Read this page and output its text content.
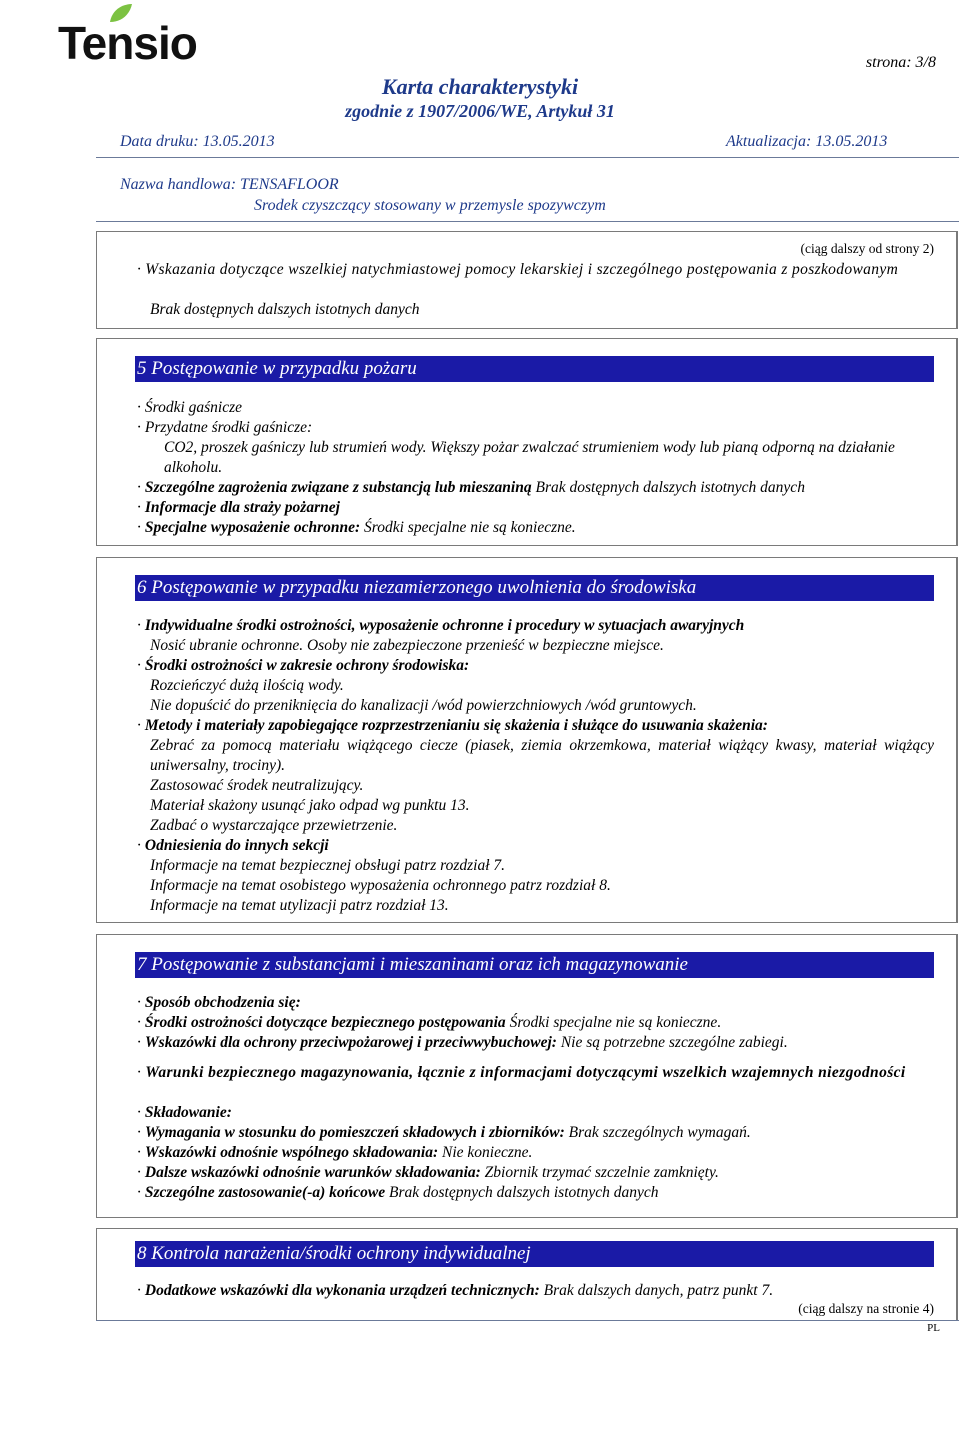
Tensio	strona: 3/8
Karta charakterystyki
zgodnie z 1907/2006/WE, Artykuł 31
Data druku: 13.05.2013	Aktualizacja: 13.05.2013
Nazwa handlowa: TENSAFLOOR
Srodek czyszczący stosowany w przemysle spozywczym
(ciąg dalszy od strony 2)
· Wskazania dotyczące wszelkiej natychmiastowej pomocy lekarskiej i szczególnego postępowania z poszkodowanym
Brak dostępnych dalszych istotnych danych
5 Postępowanie w przypadku pożaru
· Środki gaśnicze
· Przydatne środki gaśnicze:
CO2, proszek gaśniczy lub strumień wody. Większy pożar zwalczać strumieniem wody lub pianą odporną na działanie alkoholu.
· Szczególne zagrożenia związane z substancją lub mieszaniną Brak dostępnych dalszych istotnych danych
· Informacje dla straży pożarnej
· Specjalne wyposażenie ochronne: Środki specjalne nie są konieczne.
6 Postępowanie w przypadku niezamierzonego uwolnienia do środowiska
· Indywidualne środki ostrożności, wyposażenie ochronne i procedury w sytuacjach awaryjnych
Nosić ubranie ochronne. Osoby nie zabezpieczone przenieść w bezpieczne miejsce.
· Środki ostrożności w zakresie ochrony środowiska:
Rozcieńczyć dużą ilością wody.
Nie dopuścić do przeniknięcia do kanalizacji /wód powierzchniowych /wód gruntowych.
· Metody i materiały zapobiegające rozprzestrzenianiu się skażenia i służące do usuwania skażenia:
Zebrać za pomocą materiału wiążącego ciecze (piasek, ziemia okrzemkowa, materiał wiążący kwasy, materiał wiążący uniwersalny, trociny).
Zastosować środek neutralizujący.
Materiał skażony usunąć jako odpad wg punktu 13.
Zadbać o wystarczające przewietrzenie.
· Odniesienia do innych sekcji
Informacje na temat bezpiecznej obsługi patrz rozdział 7.
Informacje na temat osobistego wyposażenia ochronnego patrz rozdział 8.
Informacje na temat utylizacji patrz rozdział 13.
7 Postępowanie z substancjami i mieszaninami oraz ich magazynowanie
· Sposób obchodzenia się:
· Środki ostrożności dotyczące bezpiecznego postępowania Środki specjalne nie są konieczne.
· Wskazówki dla ochrony przeciwpożarowej i przeciwwybuchowej: Nie są potrzebne szczególne zabiegi.
· Warunki bezpiecznego magazynowania, łącznie z informacjami dotyczącymi wszelkich wzajemnych niezgodności
· Składowanie:
· Wymagania w stosunku do pomieszczeń składowych i zbiorników: Brak szczególnych wymagań.
· Wskazówki odnośnie wspólnego składowania: Nie konieczne.
· Dalsze wskazówki odnośnie warunków składowania: Zbiornik trzymać szczelnie zamknięty.
· Szczególne zastosowanie(-a) końcowe Brak dostępnych dalszych istotnych danych
8 Kontrola narażenia/środki ochrony indywidualnej
· Dodatkowe wskazówki dla wykonania urządzeń technicznych: Brak dalszych danych, patrz punkt 7.
(ciąg dalszy na stronie 4)
PL
